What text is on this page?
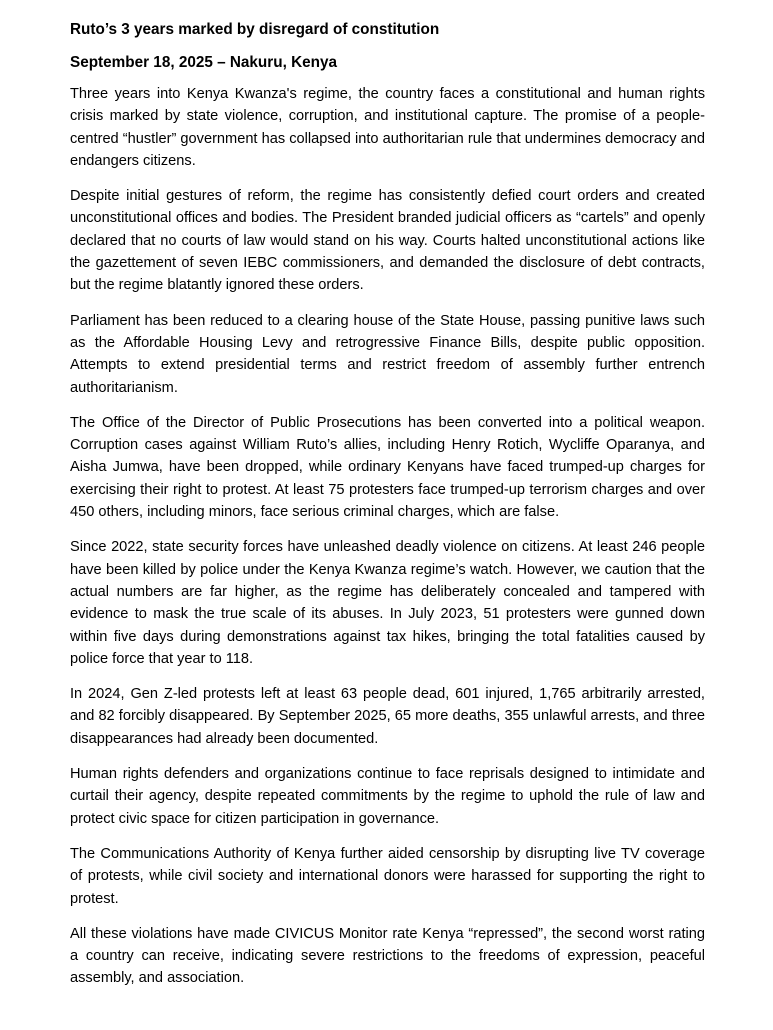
Ruto’s 3 years marked by disregard of constitution
September 18, 2025 – Nakuru, Kenya

Three years into Kenya Kwanza's regime, the country faces a constitutional and human rights crisis marked by state violence, corruption, and institutional capture. The promise of a people-centred “hustler” government has collapsed into authoritarian rule that undermines democracy and endangers citizens.

Despite initial gestures of reform, the regime has consistently defied court orders and created unconstitutional offices and bodies. The President branded judicial officers as “cartels” and openly declared that no courts of law would stand on his way. Courts halted unconstitutional actions like the gazettement of seven IEBC commissioners, and demanded the disclosure of debt contracts, but the regime blatantly ignored these orders.

Parliament has been reduced to a clearing house of the State House, passing punitive laws such as the Affordable Housing Levy and retrogressive Finance Bills, despite public opposition. Attempts to extend presidential terms and restrict freedom of assembly further entrench authoritarianism.

The Office of the Director of Public Prosecutions has been converted into a political weapon. Corruption cases against William Ruto’s allies, including Henry Rotich, Wycliffe Oparanya, and Aisha Jumwa, have been dropped, while ordinary Kenyans have faced trumped-up charges for exercising their right to protest. At least 75 protesters face trumped-up terrorism charges and over 450 others, including minors, face serious criminal charges, which are false.

Since 2022, state security forces have unleashed deadly violence on citizens. At least 246 people have been killed by police under the Kenya Kwanza regime’s watch. However, we caution that the actual numbers are far higher, as the regime has deliberately concealed and tampered with evidence to mask the true scale of its abuses. In July 2023, 51 protesters were gunned down within five days during demonstrations against tax hikes, bringing the total fatalities caused by police force that year to 118.

In 2024, Gen Z-led protests left at least 63 people dead, 601 injured, 1,765 arbitrarily arrested, and 82 forcibly disappeared. By September 2025, 65 more deaths, 355 unlawful arrests, and three disappearances had already been documented.

Human rights defenders and organizations continue to face reprisals designed to intimidate and curtail their agency, despite repeated commitments by the regime to uphold the rule of law and protect civic space for citizen participation in governance.

The Communications Authority of Kenya further aided censorship by disrupting live TV coverage of protests, while civil society and international donors were harassed for supporting the right to protest.

All these violations have made CIVICUS Monitor rate Kenya “repressed”, the second worst rating a country can receive, indicating severe restrictions to the freedoms of expression, peaceful assembly, and association.
